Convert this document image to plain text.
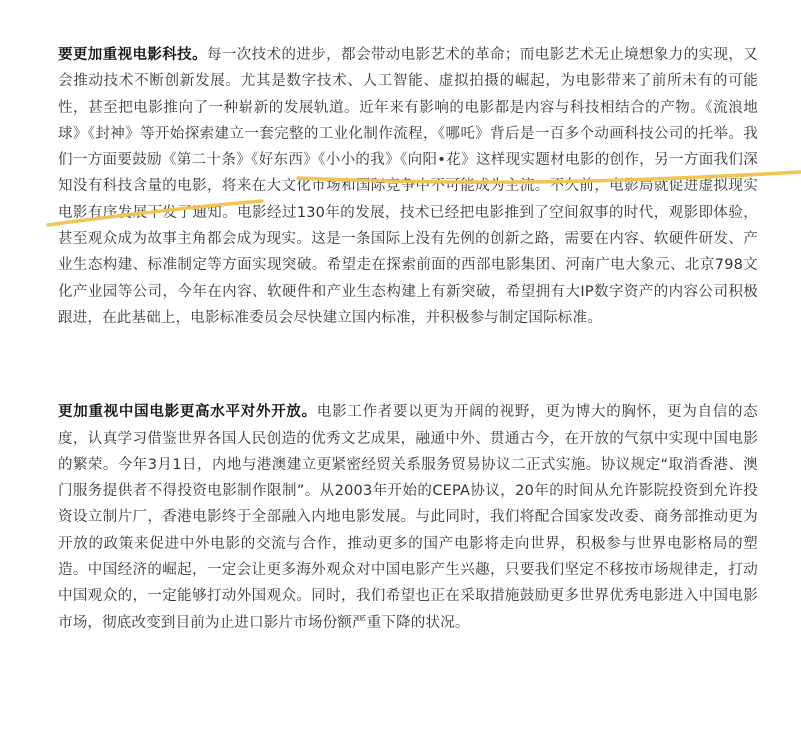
要更加重视电影科技。每一次技术的进步，都会带动电影艺术的革命；而电影艺术无止境想象力的实现，又会推动技术不断创新发展。尤其是数字技术、人工智能、虚拟拍摄的崛起，为电影带来了前所未有的可能性，甚至把电影推向了一种崭新的发展轨道。近年来有影响的电影都是内容与科技相结合的产物。《流浪地球》《封神》等开始探索建立一套完整的工业化制作流程，《哪吒》背后是一百多个动画科技公司的托举。我们一方面要鼓励《第二十条》《好东西》《小小的我》《向阳•花》这样现实题材电影的创作，另一方面我们深知没有科技含量的电影，将来在大文化市场和国际竞争中不可能成为主流。不久前，电影局就促进虚拟现实电影有序发展下发了通知。电影经过130年的发展，技术已经把电影推到了空间叙事的时代，观影即体验，甚至观众成为故事主角都会成为现实。这是一条国际上没有先例的创新之路，需要在内容、软硬件研发、产业生态构建、标准制定等方面实现突破。希望走在探索前面的西部电影集团、河南广电大象元、北京798文化产业园等公司，今年在内容、软硬件和产业生态构建上有新突破，希望拥有大IP数字资产的内容公司积极跟进，在此基础上，电影标准委员会尽快建立国内标准，并积极参与制定国际标准。

更加重视中国电影更高水平对外开放。电影工作者要以更为开阔的视野，更为博大的胸怀，更为自信的态度，认真学习借鉴世界各国人民创造的优秀文艺成果，融通中外、贯通古今，在开放的气氛中实现中国电影的繁荣。今年3月1日，内地与港澳建立更紧密经贸关系服务贸易协议二正式实施。协议规定“取消香港、澳门服务提供者不得投资电影制作限制”。从2003年开始的CEPA协议，20年的时间从允许影院投资到允许投资设立制片厂，香港电影终于全部融入内地电影发展。与此同时，我们将配合国家发改委、商务部推动更为开放的政策来促进中外电影的交流与合作，推动更多的国产电影将走向世界，积极参与世界电影格局的塑造。中国经济的崛起，一定会让更多海外观众对中国电影产生兴趣，只要我们坚定不移按市场规律走，打动中国观众的，一定能够打动外国观众。同时，我们希望也正在采取措施鼓励更多世界优秀电影进入中国电影市场，彻底改变到目前为止进口影片市场份额严重下降的状况。
